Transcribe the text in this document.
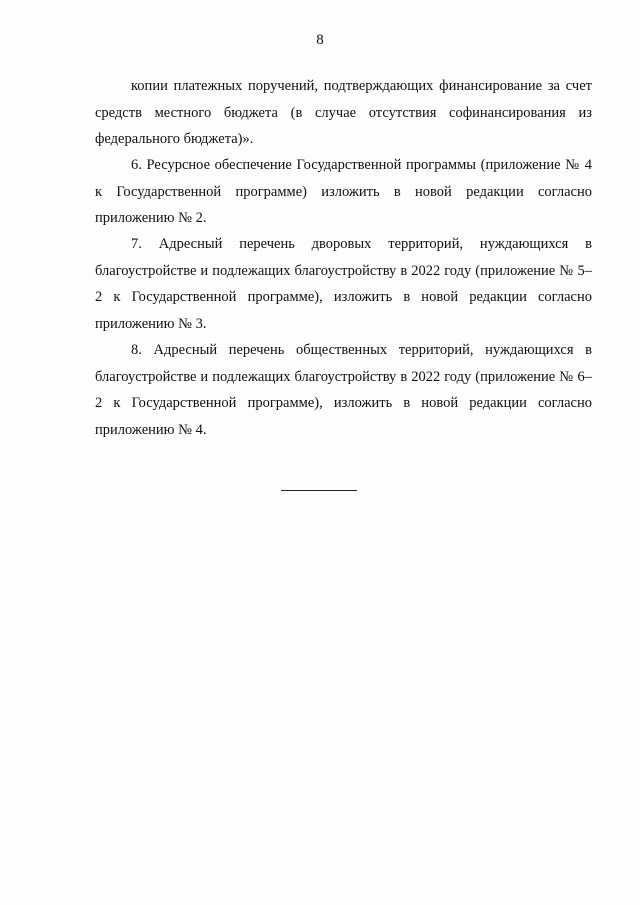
8

копии платежных поручений, подтверждающих финансирование за счет средств местного бюджета (в случае отсутствия софинансирования из федерального бюджета)».

6. Ресурсное обеспечение Государственной программы (приложение № 4 к Государственной программе) изложить в новой редакции согласно приложению № 2.

7. Адресный перечень дворовых территорий, нуждающихся в благоустройстве и подлежащих благоустройству в 2022 году (приложение № 5–2 к Государственной программе), изложить в новой редакции согласно приложению № 3.

8. Адресный перечень общественных территорий, нуждающихся в благоустройстве и подлежащих благоустройству в 2022 году (приложение № 6–2 к Государственной программе), изложить в новой редакции согласно приложению № 4.
